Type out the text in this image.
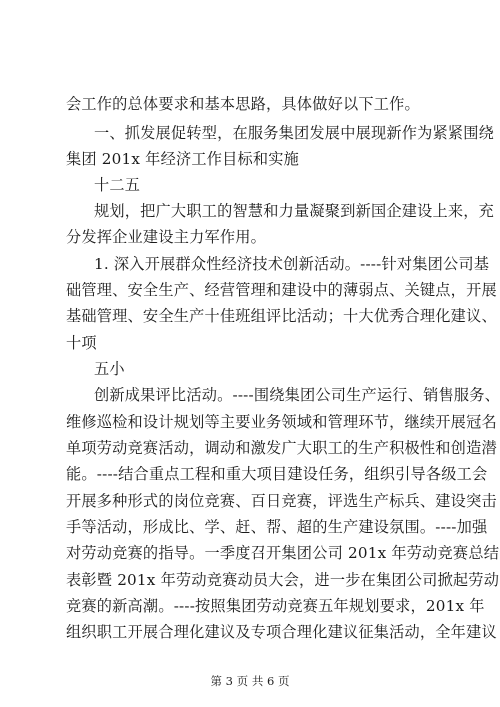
会工作的总体要求和基本思路，具体做好以下工作。
一、抓发展促转型，在服务集团发展中展现新作为紧紧围绕
集团 201x 年经济工作目标和实施
十二五
规划，把广大职工的智慧和力量凝聚到新国企建设上来，充
分发挥企业建设主力军作用。
1. 深入开展群众性经济技术创新活动。----针对集团公司基
础管理、安全生产、经营管理和建设中的薄弱点、关键点，开展
基础管理、安全生产十佳班组评比活动；十大优秀合理化建议、
十项
五小
创新成果评比活动。----围绕集团公司生产运行、销售服务、
维修巡检和设计规划等主要业务领域和管理环节，继续开展冠名
单项劳动竞赛活动，调动和激发广大职工的生产积极性和创造潜
能。----结合重点工程和重大项目建设任务，组织引导各级工会
开展多种形式的岗位竞赛、百日竞赛，评选生产标兵、建设突击
手等活动，形成比、学、赶、帮、超的生产建设氛围。----加强
对劳动竞赛的指导。一季度召开集团公司 201x 年劳动竞赛总结
表彰暨 201x 年劳动竞赛动员大会，进一步在集团公司掀起劳动
竞赛的新高潮。----按照集团劳动竞赛五年规划要求，201x 年
组织职工开展合理化建议及专项合理化建议征集活动，全年建议
第 3 页 共 6 页
